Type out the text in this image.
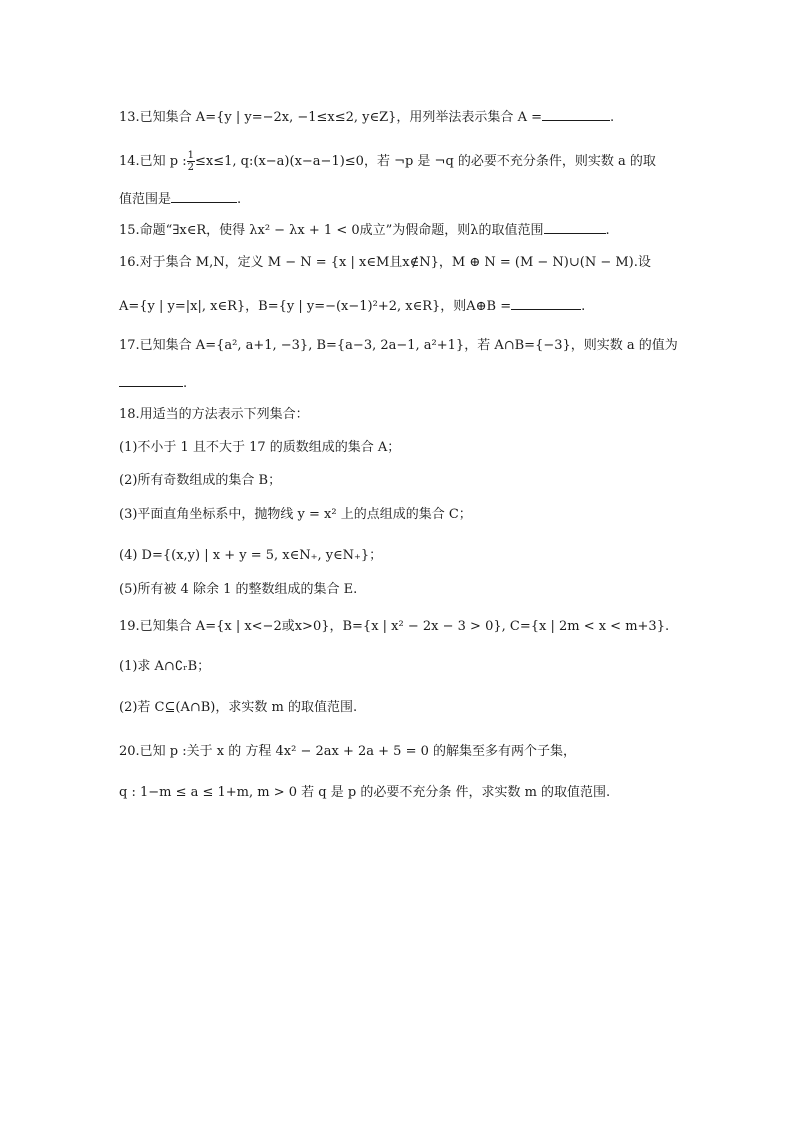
13.已知集合 A={y | y=−2x, −1≤x≤2, y∈Z}，用列举法表示集合 A =	.
14.已知 p : $\frac{1}{2} \le x\le 1$, q:(x−a)(x−a−1)≤0，若 ¬p 是 ¬q 的必要不充分条件，则实数 a 的取
值范围是	.
15.命题“∃x∈R，使得 λx² − λx + 1 < 0成立”为假命题，则λ的取值范围	.
16.对于集合 M,N，定义 M − N = {x | x∈M且x∉N}，M ⊕ N = (M − N)∪(N − M).设
A={y | y=|x|, x∈R}，B={y | y=−(x−1)²+2, x∈R}，则A⊕B =	.
17.已知集合 A={a², a+1, −3}, B={a−3, 2a−1, a²+1}，若 A∩B={−3}，则实数 a 的值为
.
18.用适当的方法表示下列集合：
(1)不小于 1 且不大于 17 的质数组成的集合 A；
(2)所有奇数组成的集合 B；
(3)平面直角坐标系中，抛物线 y = x² 上的点组成的集合 C；
(4) D={(x,y) | x + y = 5, x∈N₊, y∈N₊}；
(5)所有被 4 除余 1 的整数组成的集合 E.
19.已知集合 A={x | x<−2或x>0}，B={x | x² − 2x − 3 > 0}, C={x | 2m < x < m+3}.
(1)求 A∩∁ᵣB；
(2)若 C⊆(A∩B)，求实数 m 的取值范围.
20.已知 p :关于 x 的 方程 4x² − 2ax + 2a + 5 = 0 的解集至多有两个子集，
q : 1−m ≤ a ≤ 1+m, m > 0 若 q 是 p 的必要不充分条 件，求实数 m 的取值范围.
